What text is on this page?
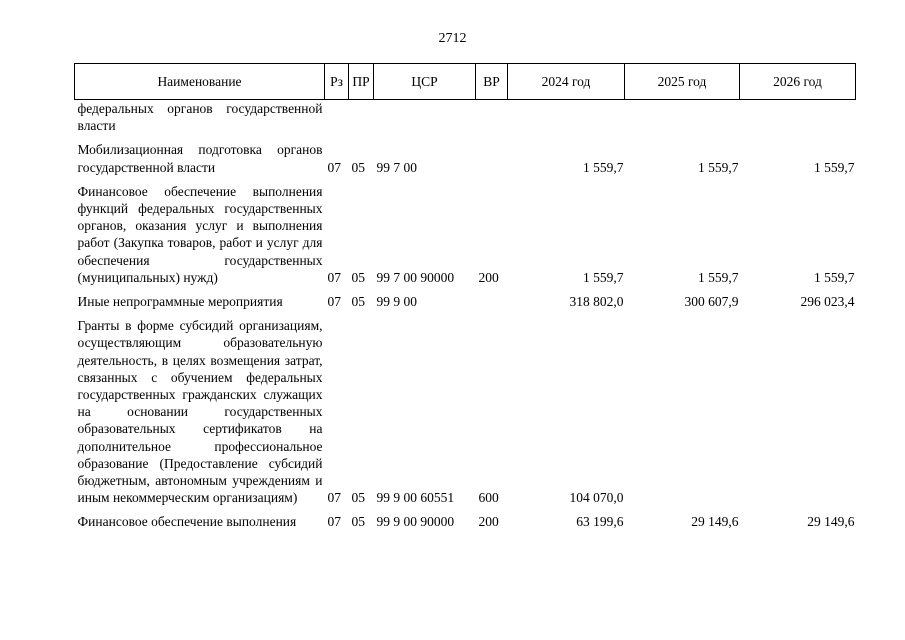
2712
Наименование	Рз	ПР	ЦСР	ВР	2024 год	2025 год	2026 год
федеральных органов государственной власти							
Мобилизационная подготовка органов государственной власти	07	05	99 7 00		1 559,7	1 559,7	1 559,7
Финансовое обеспечение выполнения функций федеральных государственных органов, оказания услуг и выполнения работ (Закупка товаров, работ и услуг для обеспечения государственных (муниципальных) нужд)	07	05	99 7 00 90000	200	1 559,7	1 559,7	1 559,7
Иные непрограммные мероприятия	07	05	99 9 00		318 802,0	300 607,9	296 023,4
Гранты в форме субсидий организациям, осуществляющим образовательную деятельность, в целях возмещения затрат, связанных с обучением федеральных государственных гражданских служащих на основании государственных образовательных сертификатов на дополнительное профессиональное образование (Предоставление субсидий бюджетным, автономным учреждениям и иным некоммерческим организациям)	07	05	99 9 00 60551	600	104 070,0		
Финансовое обеспечение выполнения	07	05	99 9 00 90000	200	63 199,6	29 149,6	29 149,6
